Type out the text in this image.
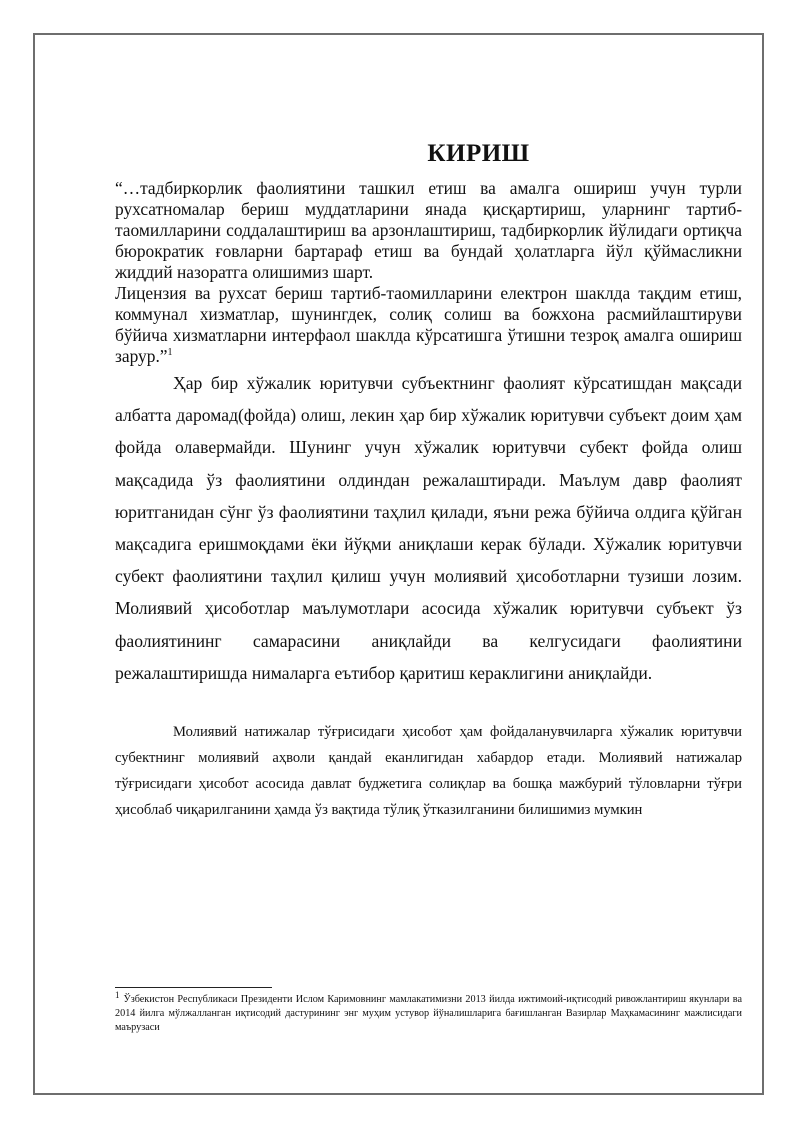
КИРИШ

“…тадбиркорлик фаолиятини ташкил етиш ва амалга ошириш учун турли рухсатномалар бериш муддатларини янада қисқартириш, уларнинг тартиб-таомилларини соддалаштириш ва арзонлаштириш, тадбиркорлик йўлидаги ортиқча бюрократик ғовларни бартараф етиш ва бундай ҳолатларга йўл қўймасликни жиддий назоратга олишимиз шарт.
Лицензия ва рухсат бериш тартиб-таомилларини електрон шаклда тақдим етиш, коммунал хизматлар, шунингдек, солиқ солиш ва божхона расмийлаштируви бўйича хизматларни интерфаол шаклда кўрсатишга ўтишни тезроқ амалга ошириш зарур.”$^1$

Ҳар бир хўжалик юритувчи субъектнинг фаолият кўрсатишдан мақсади албатта даромад(фойда) олиш, лекин ҳар бир хўжалик юритувчи субъект доим ҳам фойда олавермайди. Шунинг учун хўжалик юритувчи субект фойда олиш мақсадида ўз фаолиятини олдиндан режалаштиради. Маълум давр фаолият юритганидан сўнг ўз фаолиятини таҳлил қилади, яъни режа бўйича олдига қўйган мақсадига еришмоқдами ёки йўқми аниқлаши керак бўлади. Хўжалик юритувчи субект фаолиятини таҳлил қилиш учун молиявий ҳисоботларни тузиши лозим. Молиявий ҳисоботлар маълумотлари асосида хўжалик юритувчи субъект ўз фаолиятининг самарасини аниқлайди ва келгусидаги фаолиятини режалаштиришда нималарга еътибор қаритиш кераклигини аниқлайди.

Молиявий натижалар тўғрисидаги ҳисобот ҳам фойдаланувчиларга хўжалик юритувчи субектнинг молиявий аҳволи қандай еканлигидан хабардор етади. Молиявий натижалар тўғрисидаги ҳисобот асосида давлат буджетига солиқлар ва бошқа мажбурий тўловларни тўғри ҳисоблаб чиқарилганини ҳамда ўз вақтида тўлиқ ўтказилганини билишимиз мумкин

1 Ўзбекистон Республикаси Президенти Ислом Каримовнинг мамлакатимизни 2013 йилда ижтимоий-иқтисодий ривожлантириш якунлари ва 2014 йилга мўлжалланган иқтисодий дастурининг энг муҳим устувор йўналишларига бағишланган Вазирлар Маҳкамасининг мажлисидаги маърузаси
